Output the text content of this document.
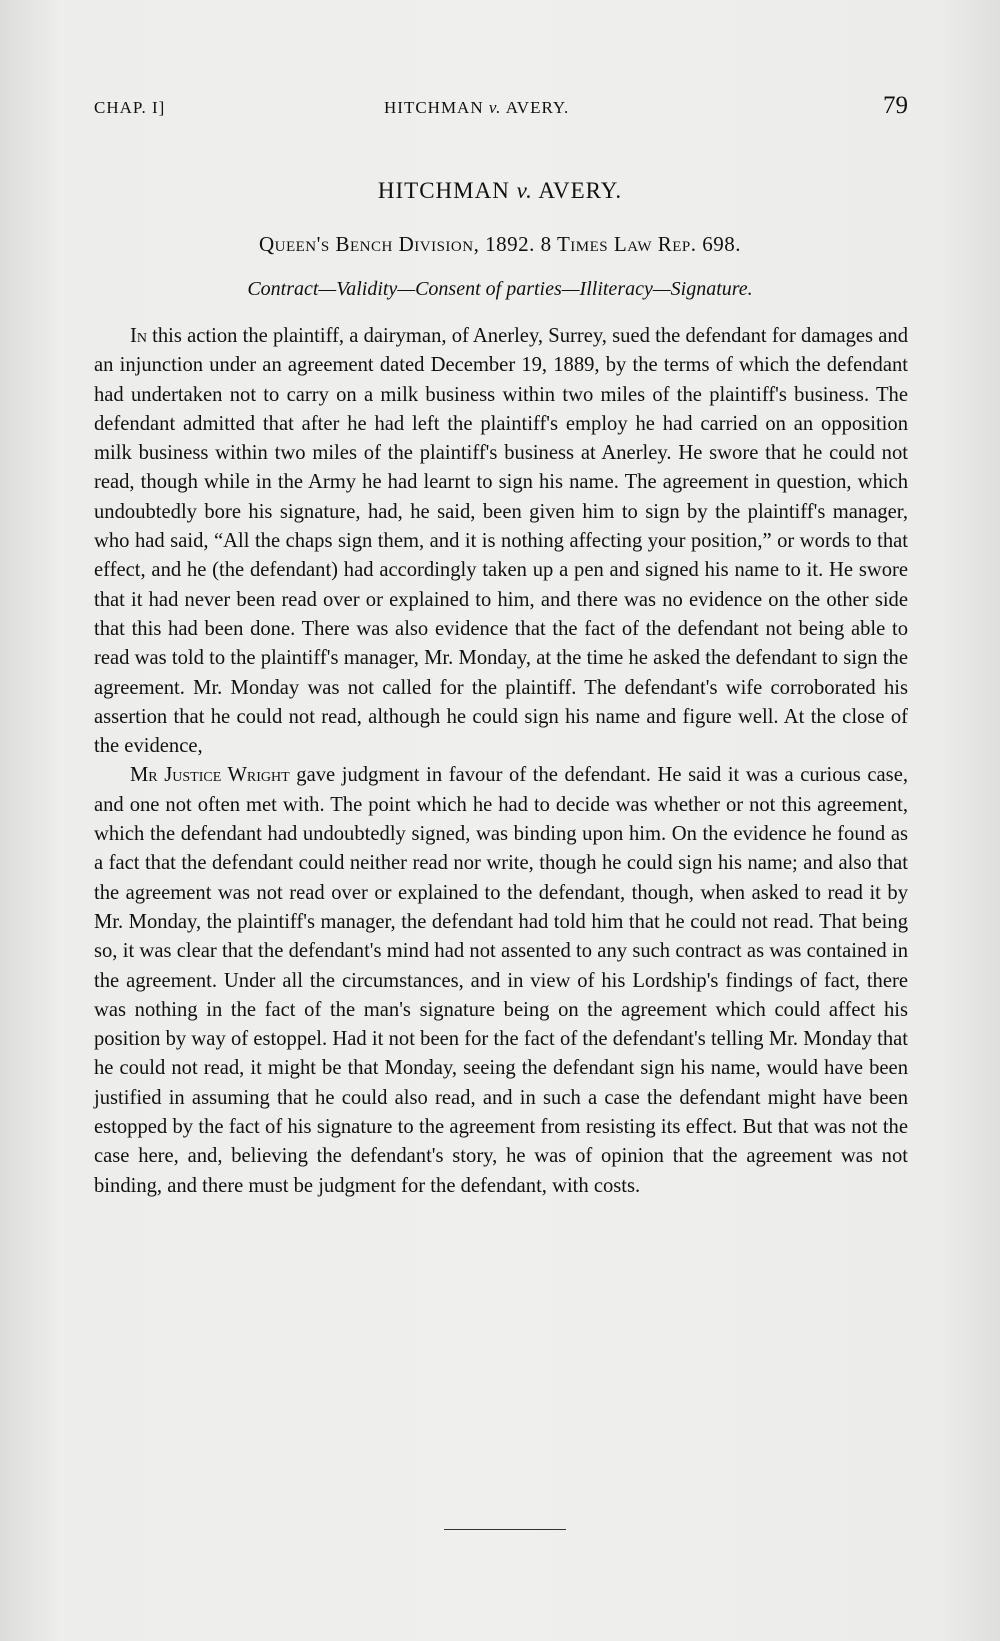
CHAP. I]	HITCHMAN v. AVERY.	79
HITCHMAN v. AVERY.
Queen's Bench Division, 1892. 8 Times Law Rep. 698.
Contract—Validity—Consent of parties—Illiteracy—Signature.

In this action the plaintiff, a dairyman, of Anerley, Surrey, sued the defendant for damages and an injunction under an agreement dated December 19, 1889, by the terms of which the defendant had undertaken not to carry on a milk business within two miles of the plaintiff's business. The defendant admitted that after he had left the plaintiff's employ he had carried on an opposition milk business within two miles of the plaintiff's business at Anerley. He swore that he could not read, though while in the Army he had learnt to sign his name. The agreement in question, which undoubtedly bore his signature, had, he said, been given him to sign by the plaintiff's manager, who had said, “All the chaps sign them, and it is nothing affecting your position,” or words to that effect, and he (the defendant) had accordingly taken up a pen and signed his name to it. He swore that it had never been read over or explained to him, and there was no evidence on the other side that this had been done. There was also evidence that the fact of the defendant not being able to read was told to the plaintiff's manager, Mr. Monday, at the time he asked the defendant to sign the agreement. Mr. Monday was not called for the plaintiff. The defendant's wife corroborated his assertion that he could not read, although he could sign his name and figure well. At the close of the evidence,

Mr Justice Wright gave judgment in favour of the defendant. He said it was a curious case, and one not often met with. The point which he had to decide was whether or not this agreement, which the defendant had undoubtedly signed, was binding upon him. On the evidence he found as a fact that the defendant could neither read nor write, though he could sign his name; and also that the agreement was not read over or explained to the defendant, though, when asked to read it by Mr. Monday, the plaintiff's manager, the defendant had told him that he could not read. That being so, it was clear that the defendant's mind had not assented to any such contract as was contained in the agreement. Under all the circumstances, and in view of his Lordship's findings of fact, there was nothing in the fact of the man's signature being on the agreement which could affect his position by way of estoppel. Had it not been for the fact of the defendant's telling Mr. Monday that he could not read, it might be that Monday, seeing the defendant sign his name, would have been justified in assuming that he could also read, and in such a case the defendant might have been estopped by the fact of his signature to the agreement from resisting its effect. But that was not the case here, and, believing the defendant's story, he was of opinion that the agreement was not binding, and there must be judgment for the defendant, with costs.
